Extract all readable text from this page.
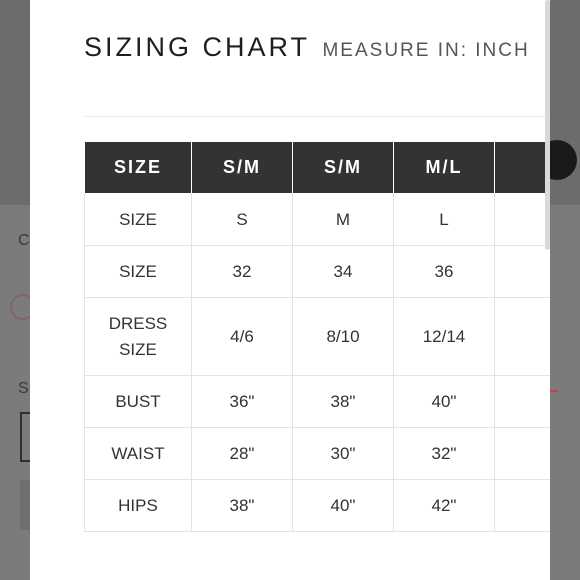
C
S
SIZING CHART MEASURE IN: INCH
SIZE	S/M	S/M	M/L	
SIZE	S	M	L	
SIZE	32	34	36	
DRESS SIZE	4/6	8/10	12/14	
BUST	36"	38"	40"	
WAIST	28"	30"	32"	
HIPS	38"	40"	42"	
